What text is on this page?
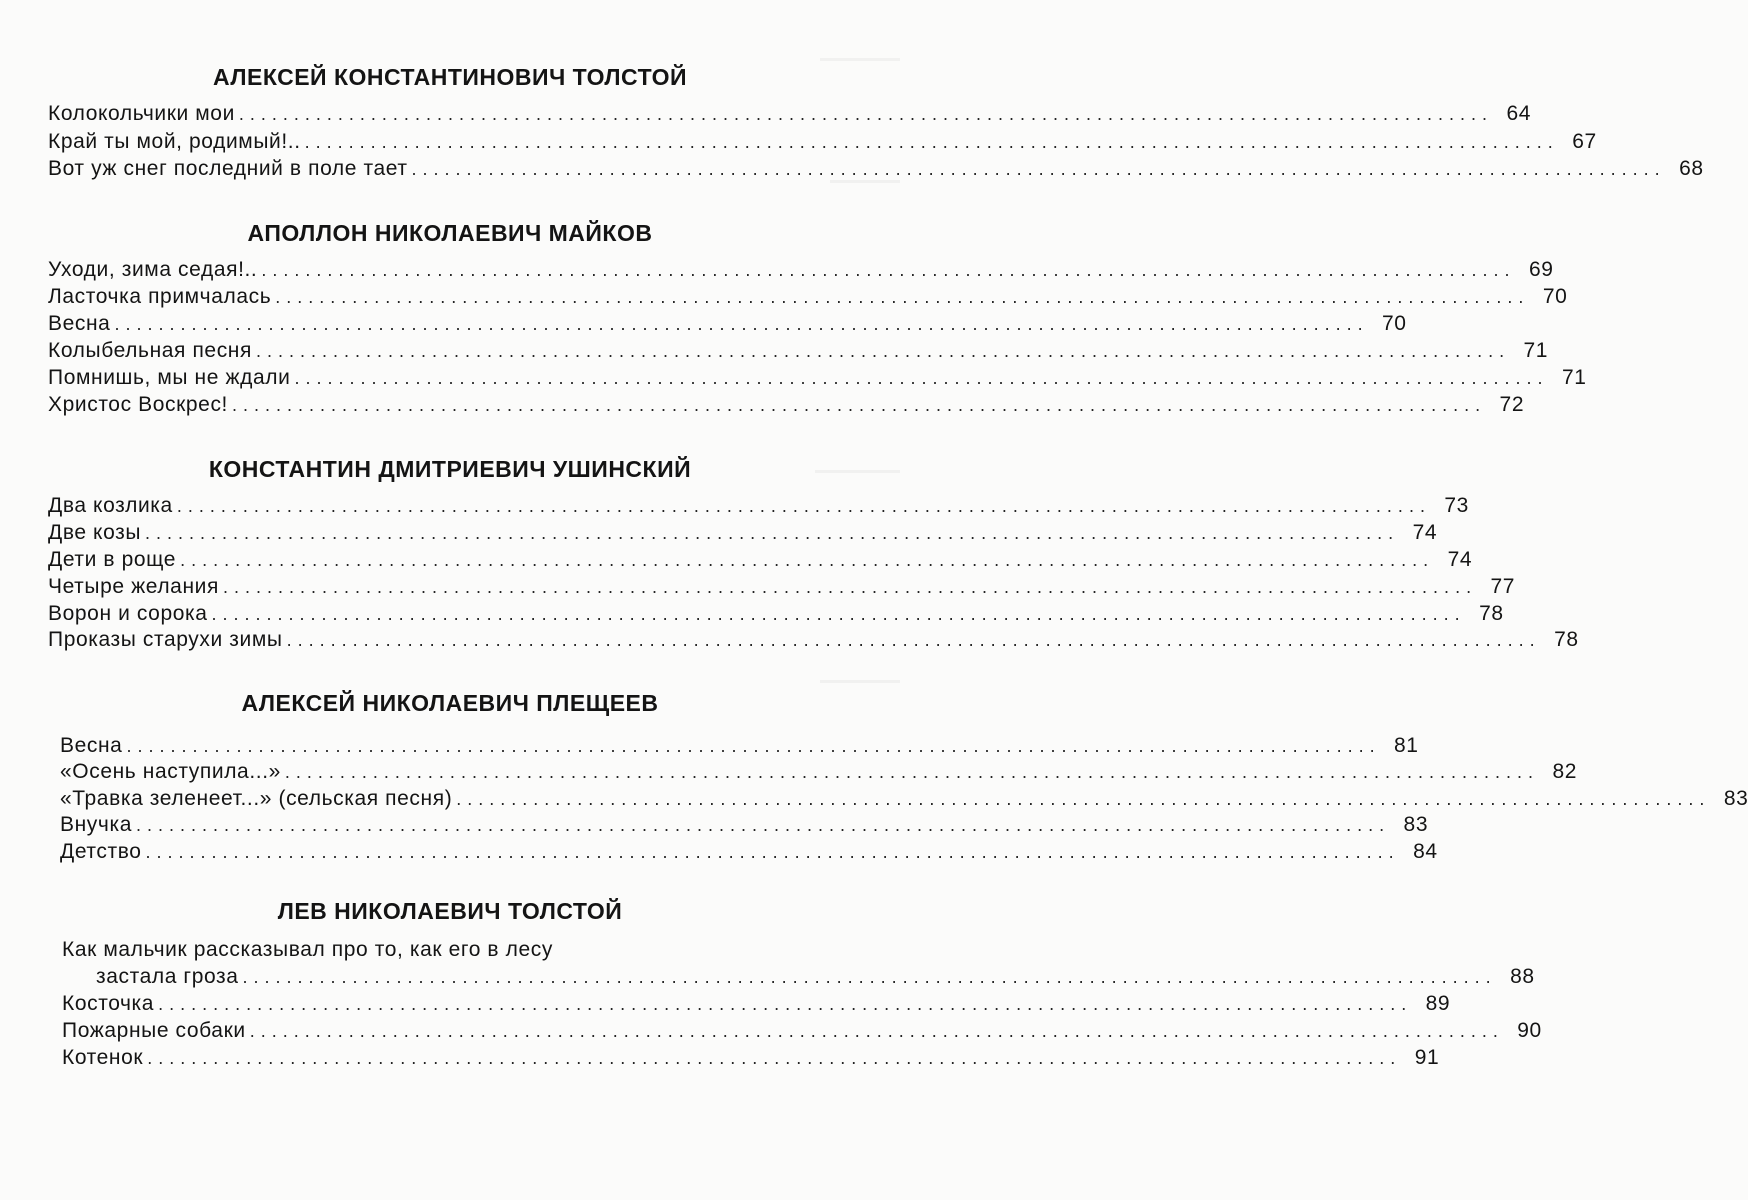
АЛЕКСЕЙ КОНСТАНТИНОВИЧ ТОЛСТОЙ
Колокольчики мои .................................................................................................................. 64
Край ты мой, родимый!.. .................................................................................................................. 67
Вот уж снег последний в поле тает .................................................................................................................. 68
АПОЛЛОН НИКОЛАЕВИЧ МАЙКОВ
Уходи, зима седая!.. .................................................................................................................. 69
Ласточка примчалась .................................................................................................................. 70
Весна .................................................................................................................. 70
Колыбельная песня .................................................................................................................. 71
Помнишь, мы не ждали .................................................................................................................. 71
Христос Воскрес! .................................................................................................................. 72
КОНСТАНТИН ДМИТРИЕВИЧ УШИНСКИЙ
Два козлика .................................................................................................................. 73
Две козы .................................................................................................................. 74
Дети в роще .................................................................................................................. 74
Четыре желания .................................................................................................................. 77
Ворон и сорока .................................................................................................................. 78
Проказы старухи зимы .................................................................................................................. 78
АЛЕКСЕЙ НИКОЛАЕВИЧ ПЛЕЩЕЕВ
Весна .................................................................................................................. 81
«Осень наступила...» .................................................................................................................. 82
«Травка зеленеет...» (сельская песня) .................................................................................................................. 83
Внучка .................................................................................................................. 83
Детство .................................................................................................................. 84
ЛЕВ НИКОЛАЕВИЧ ТОЛСТОЙ
Как мальчик рассказывал про то, как его в лесу
застала гроза .................................................................................................................. 88
Косточка .................................................................................................................. 89
Пожарные собаки .................................................................................................................. 90
Котенок .................................................................................................................. 91
